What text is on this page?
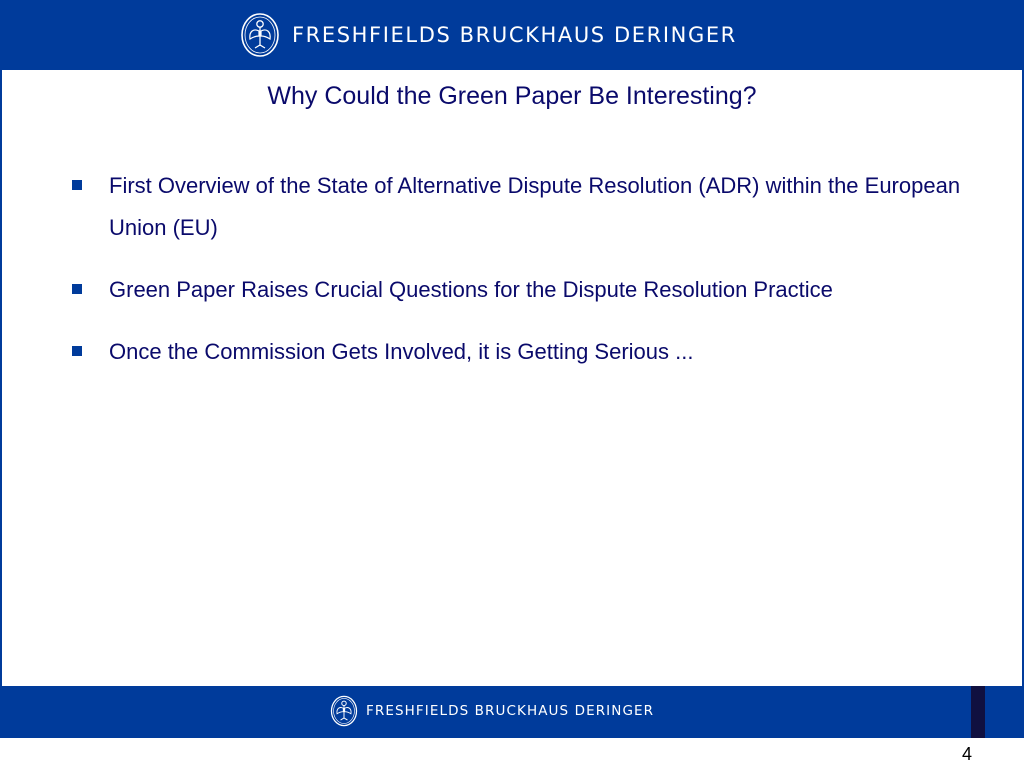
FRESHFIELDS BRUCKHAUS DERINGER
Why Could the Green Paper Be Interesting?
First Overview of the State of Alternative Dispute Resolution (ADR) within the European Union (EU)
Green Paper Raises Crucial Questions for the Dispute Resolution Practice
Once the Commission Gets Involved, it is Getting Serious ...
FRESHFIELDS BRUCKHAUS DERINGER
4
